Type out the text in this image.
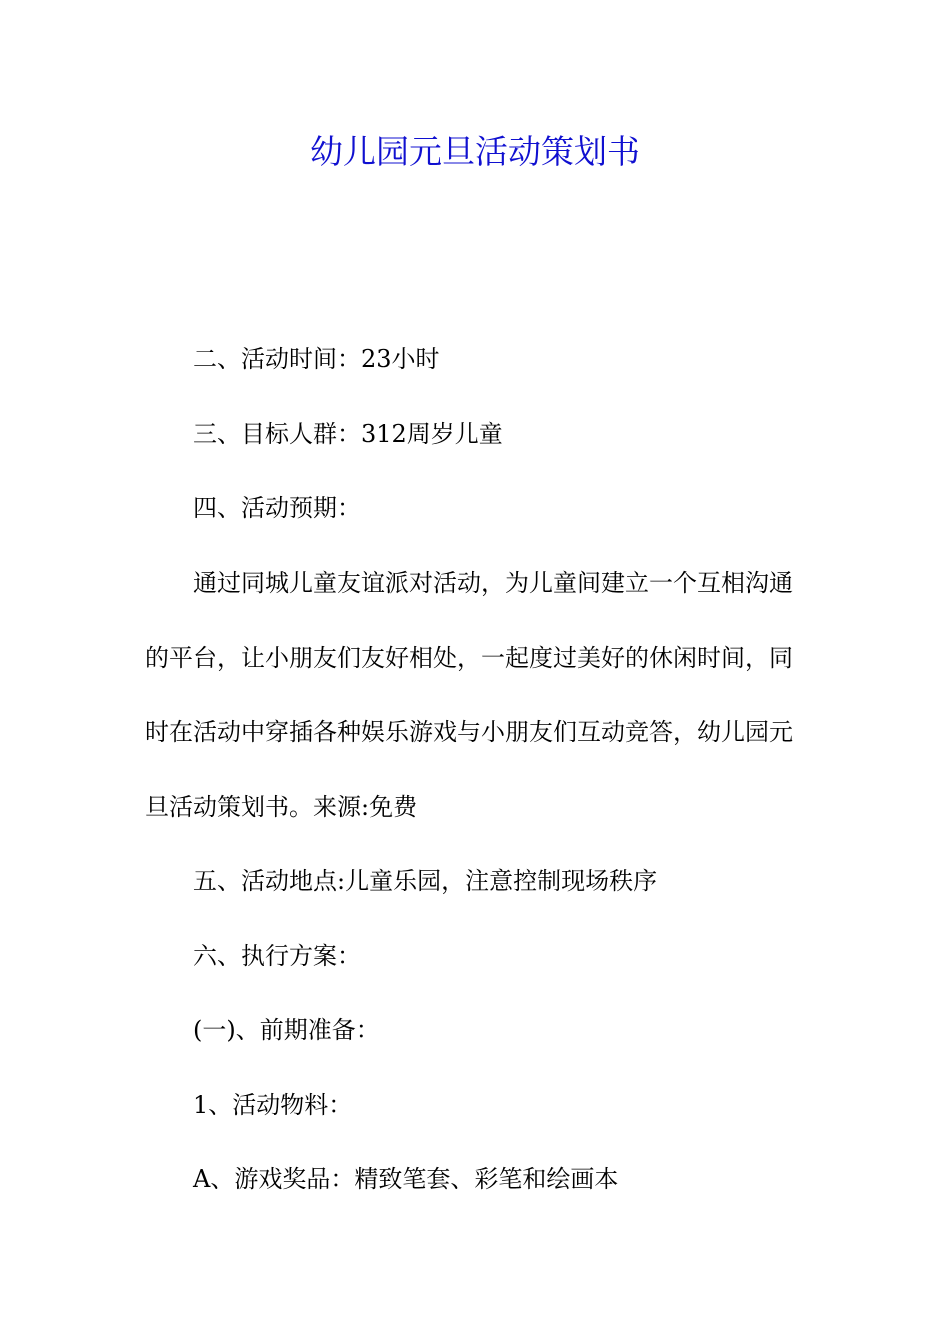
幼儿园元旦活动策划书
二、活动时间：23小时
三、目标人群：312周岁儿童
四、活动预期：
通过同城儿童友谊派对活动，为儿童间建立一个互相沟通
的平台，让小朋友们友好相处，一起度过美好的休闲时间，同
时在活动中穿插各种娱乐游戏与小朋友们互动竞答，幼儿园元
旦活动策划书。来源:免费
五、活动地点:儿童乐园，注意控制现场秩序
六、执行方案：
(一)、前期准备：
1、活动物料：
A、游戏奖品：精致笔套、彩笔和绘画本
